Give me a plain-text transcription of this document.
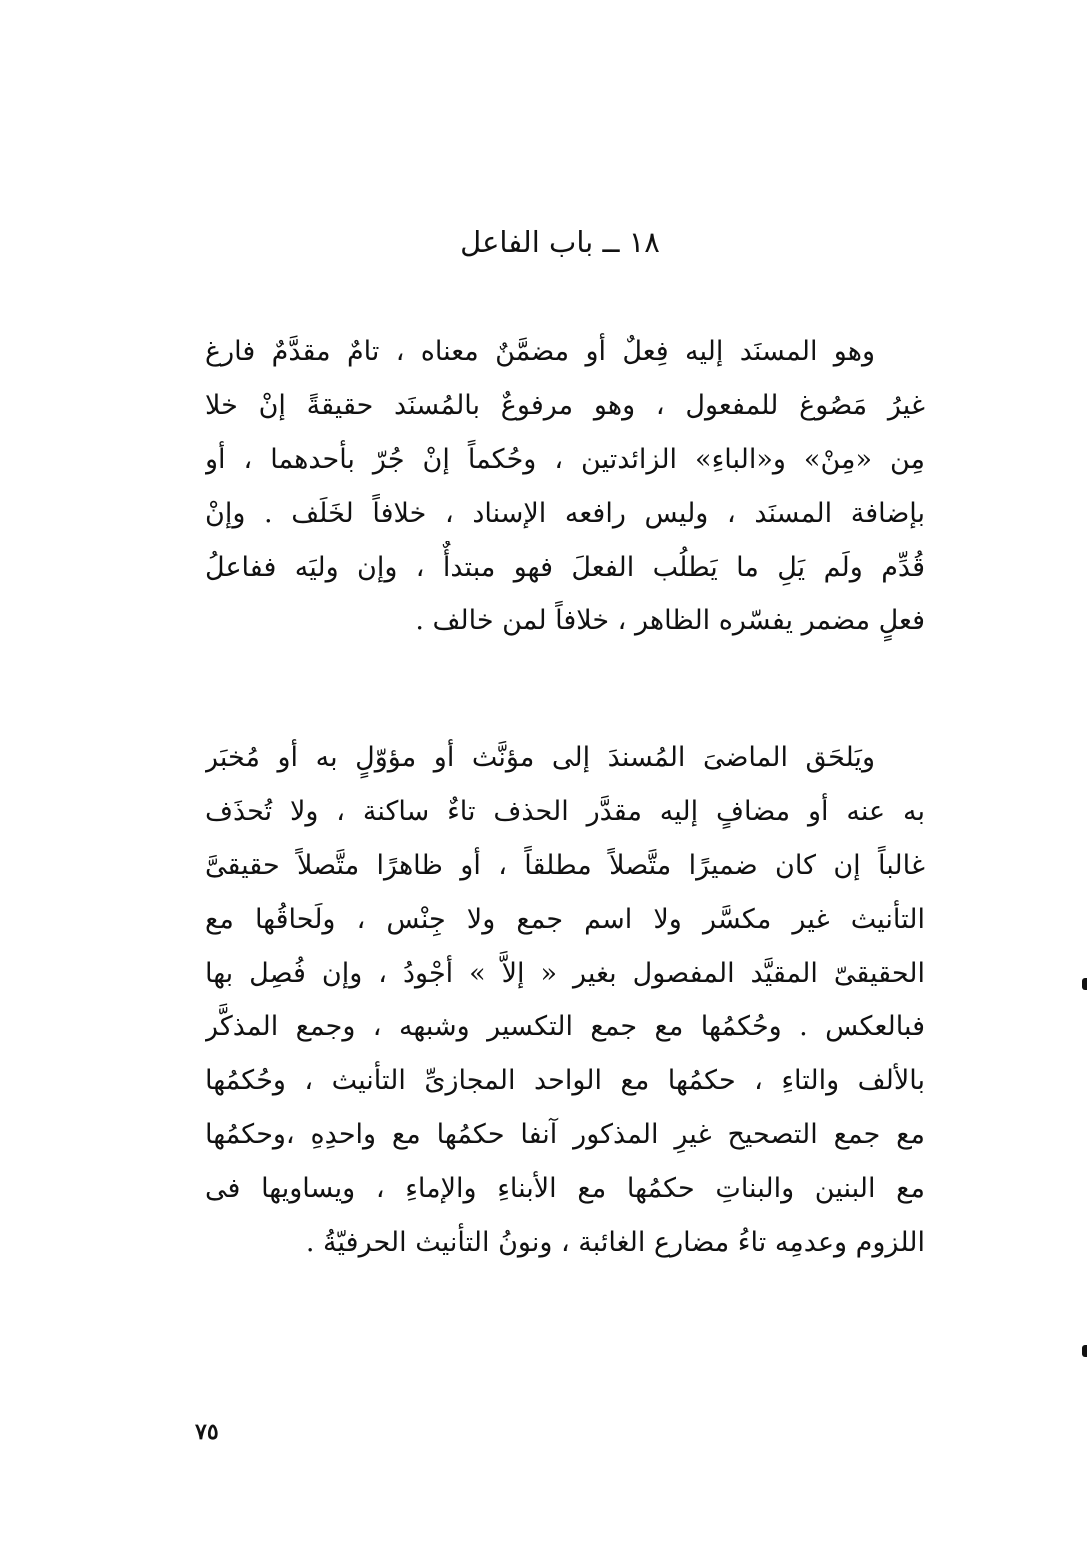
١٨ ــ باب الفاعل
وهو المسنَد إليه فِعلٌ أو مضمَّنٌ معناه ، تامٌ مقدَّمٌ فارغ
غيرُ مَصُوغ للمفعول ، وهو مرفوعٌ بالمُسنَد حقيقةً إنْ خلا
مِن «مِنْ» و«الباءِ» الزائدتين ، وحُكماً إنْ جُرّ بأحدهما ، أو
بإضافة المسنَد ، وليس رافعه الإسناد ، خلافاً لخَلَف . وإنْ
قُدِّم ولَم يَلِ ما يَطلُب الفعلَ فهو مبتدأٌ ، وإن وليَه ففاعلُ
فعلٍ مضمر يفسّره الظاهر ، خلافاً لمن خالف .
ويَلحَق الماضىَ المُسندَ إلى مؤنَّث أو مؤوّلٍ به أو مُخبَر
به عنه أو مضافٍ إليه مقدَّر الحذف تاءٌ ساكنة ، ولا تُحذَف
غالباً إن كان ضميرًا متَّصلاً مطلقاً ، أو ظاهرًا متَّصلاً حقيقىَّ
التأنيث غير مكسَّر ولا اسم جمع ولا جِنْس ، ولَحاقُها مع
الحقيقىّ المقيَّد المفصول بغير « إلاَّ » أجْودُ ، وإن فُصِل بها
فبالعكس . وحُكمُها مع جمع التكسير وشبهه ، وجمع المذكَّر
بالألف والتاءِ ، حكمُها مع الواحد المجازىِّ التأنيث ، وحُكمُها
مع جمع التصحيح غيرِ المذكور آنفا حكمُها مع واحدِهِ ،وحكمُها
مع البنين والبناتِ حكمُها مع الأبناءِ والإماءِ ، ويساويها فى
اللزوم وعدمِه تاءُ مضارع الغائبة ، ونونُ التأنيث الحرفيّةُ .
٧٥
